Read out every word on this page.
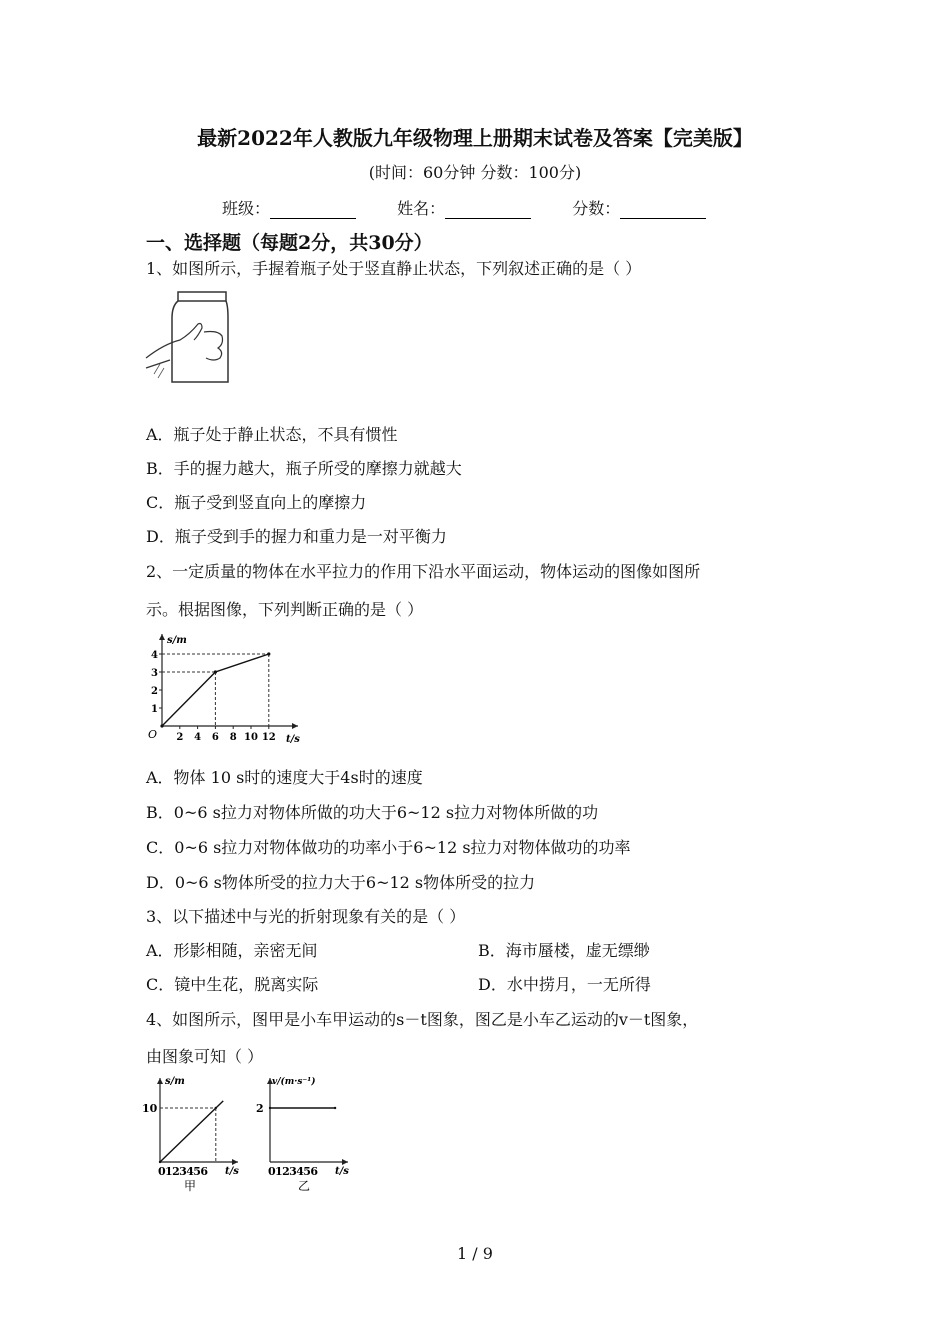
最新2022年人教版九年级物理上册期末试卷及答案【完美版】
(时间：60分钟 分数：100分)
班级：	姓名：	分数：
一、选择题（每题2分，共30分）
1、如图所示，手握着瓶子处于竖直静止状态，下列叙述正确的是（ ）
A．瓶子处于静止状态，不具有惯性
B．手的握力越大，瓶子所受的摩擦力就越大
C．瓶子受到竖直向上的摩擦力
D．瓶子受到手的握力和重力是一对平衡力
2、一定质量的物体在水平拉力的作用下沿水平面运动，物体运动的图像如图所
示。根据图像，下列判断正确的是（ ）
s/m
t/s
O
1
2
3
4
2 4 6 8 10 12
A．物体 10 s时的速度大于4s时的速度
B．0~6 s拉力对物体所做的功大于6~12 s拉力对物体所做的功
C．0~6 s拉力对物体做功的功率小于6~12 s拉力对物体做功的功率
D．0~6 s物体所受的拉力大于6~12 s物体所受的拉力
3、以下描述中与光的折射现象有关的是（ ）
A．形影相随，亲密无间	B．海市蜃楼，虚无缥缈
C．镜中生花，脱离实际	D．水中捞月，一无所得
4、如图所示，图甲是小车甲运动的s－t图象，图乙是小车乙运动的v－t图象，
由图象可知（ ）
s/m
t/s
0123456
10
甲
v/(m·s⁻¹)
t/s
0123456
2
乙
1 / 9
